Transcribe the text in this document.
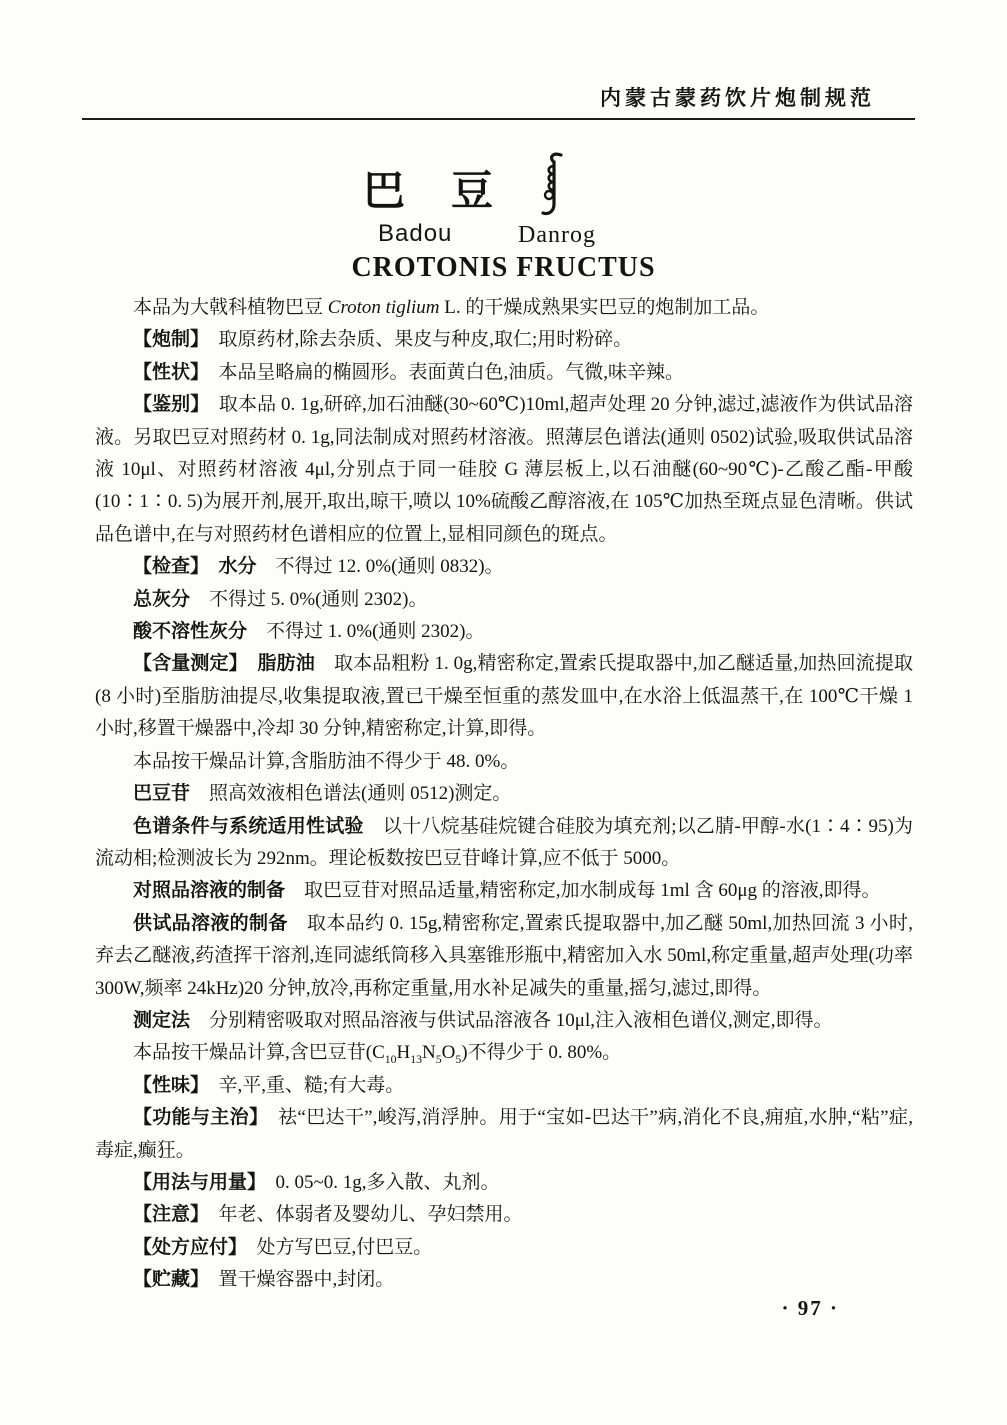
内蒙古蒙药饮片炮制规范
巴　豆
Badou	Danrog
CROTONIS FRUCTUS

本品为大戟科植物巴豆 Croton tiglium L. 的干燥成熟果实巴豆的炮制加工品。

【炮制】　取原药材,除去杂质、果皮与种皮,取仁;用时粉碎。

【性状】　本品呈略扁的椭圆形。表面黄白色,油质。气微,味辛辣。

【鉴别】　取本品 0. 1g,研碎,加石油醚(30~60℃)10ml,超声处理 20 分钟,滤过,滤液作为供试品溶液。另取巴豆对照药材 0. 1g,同法制成对照药材溶液。照薄层色谱法(通则 0502)试验,吸取供试品溶液 10μl、对照药材溶液 4μl,分别点于同一硅胶 G 薄层板上,以石油醚(60~90℃)-乙酸乙酯-甲酸(10∶1∶0. 5)为展开剂,展开,取出,晾干,喷以 10%硫酸乙醇溶液,在 105℃加热至斑点显色清晰。供试品色谱中,在与对照药材色谱相应的位置上,显相同颜色的斑点。

【检查】　 水分　不得过 12. 0%(通则 0832)。

总灰分　不得过 5. 0%(通则 2302)。

酸不溶性灰分　不得过 1. 0%(通则 2302)。

【含量测定】　 脂肪油　取本品粗粉 1. 0g,精密称定,置索氏提取器中,加乙醚适量,加热回流提取(8 小时)至脂肪油提尽,收集提取液,置已干燥至恒重的蒸发皿中,在水浴上低温蒸干,在 100℃干燥 1 小时,移置干燥器中,冷却 30 分钟,精密称定,计算,即得。

本品按干燥品计算,含脂肪油不得少于 48. 0%。

巴豆苷　照高效液相色谱法(通则 0512)测定。

色谱条件与系统适用性试验　以十八烷基硅烷键合硅胶为填充剂;以乙腈-甲醇-水(1∶4∶95)为流动相;检测波长为 292nm。理论板数按巴豆苷峰计算,应不低于 5000。

对照品溶液的制备　取巴豆苷对照品适量,精密称定,加水制成每 1ml 含 60μg 的溶液,即得。

供试品溶液的制备　取本品约 0. 15g,精密称定,置索氏提取器中,加乙醚 50ml,加热回流 3 小时,弃去乙醚液,药渣挥干溶剂,连同滤纸筒移入具塞锥形瓶中,精密加入水 50ml,称定重量,超声处理(功率 300W,频率 24kHz)20 分钟,放冷,再称定重量,用水补足减失的重量,摇匀,滤过,即得。

测定法　分别精密吸取对照品溶液与供试品溶液各 10μl,注入液相色谱仪,测定,即得。

本品按干燥品计算,含巴豆苷$(C_{10}H_{13}N_5O_5)$不得少于 0. 80%。

【性味】　辛,平,重、糙;有大毒。

【功能与主治】　祛“巴达干”,峻泻,消浮肿。用于“宝如-巴达干”病,消化不良,痈疽,水肿,“粘”症,毒症,癫狂。

【用法与用量】　0. 05~0. 1g,多入散、丸剂。

【注意】　年老、体弱者及婴幼儿、孕妇禁用。

【处方应付】　处方写巴豆,付巴豆。

【贮藏】　置干燥容器中,封闭。

· 97 ·
